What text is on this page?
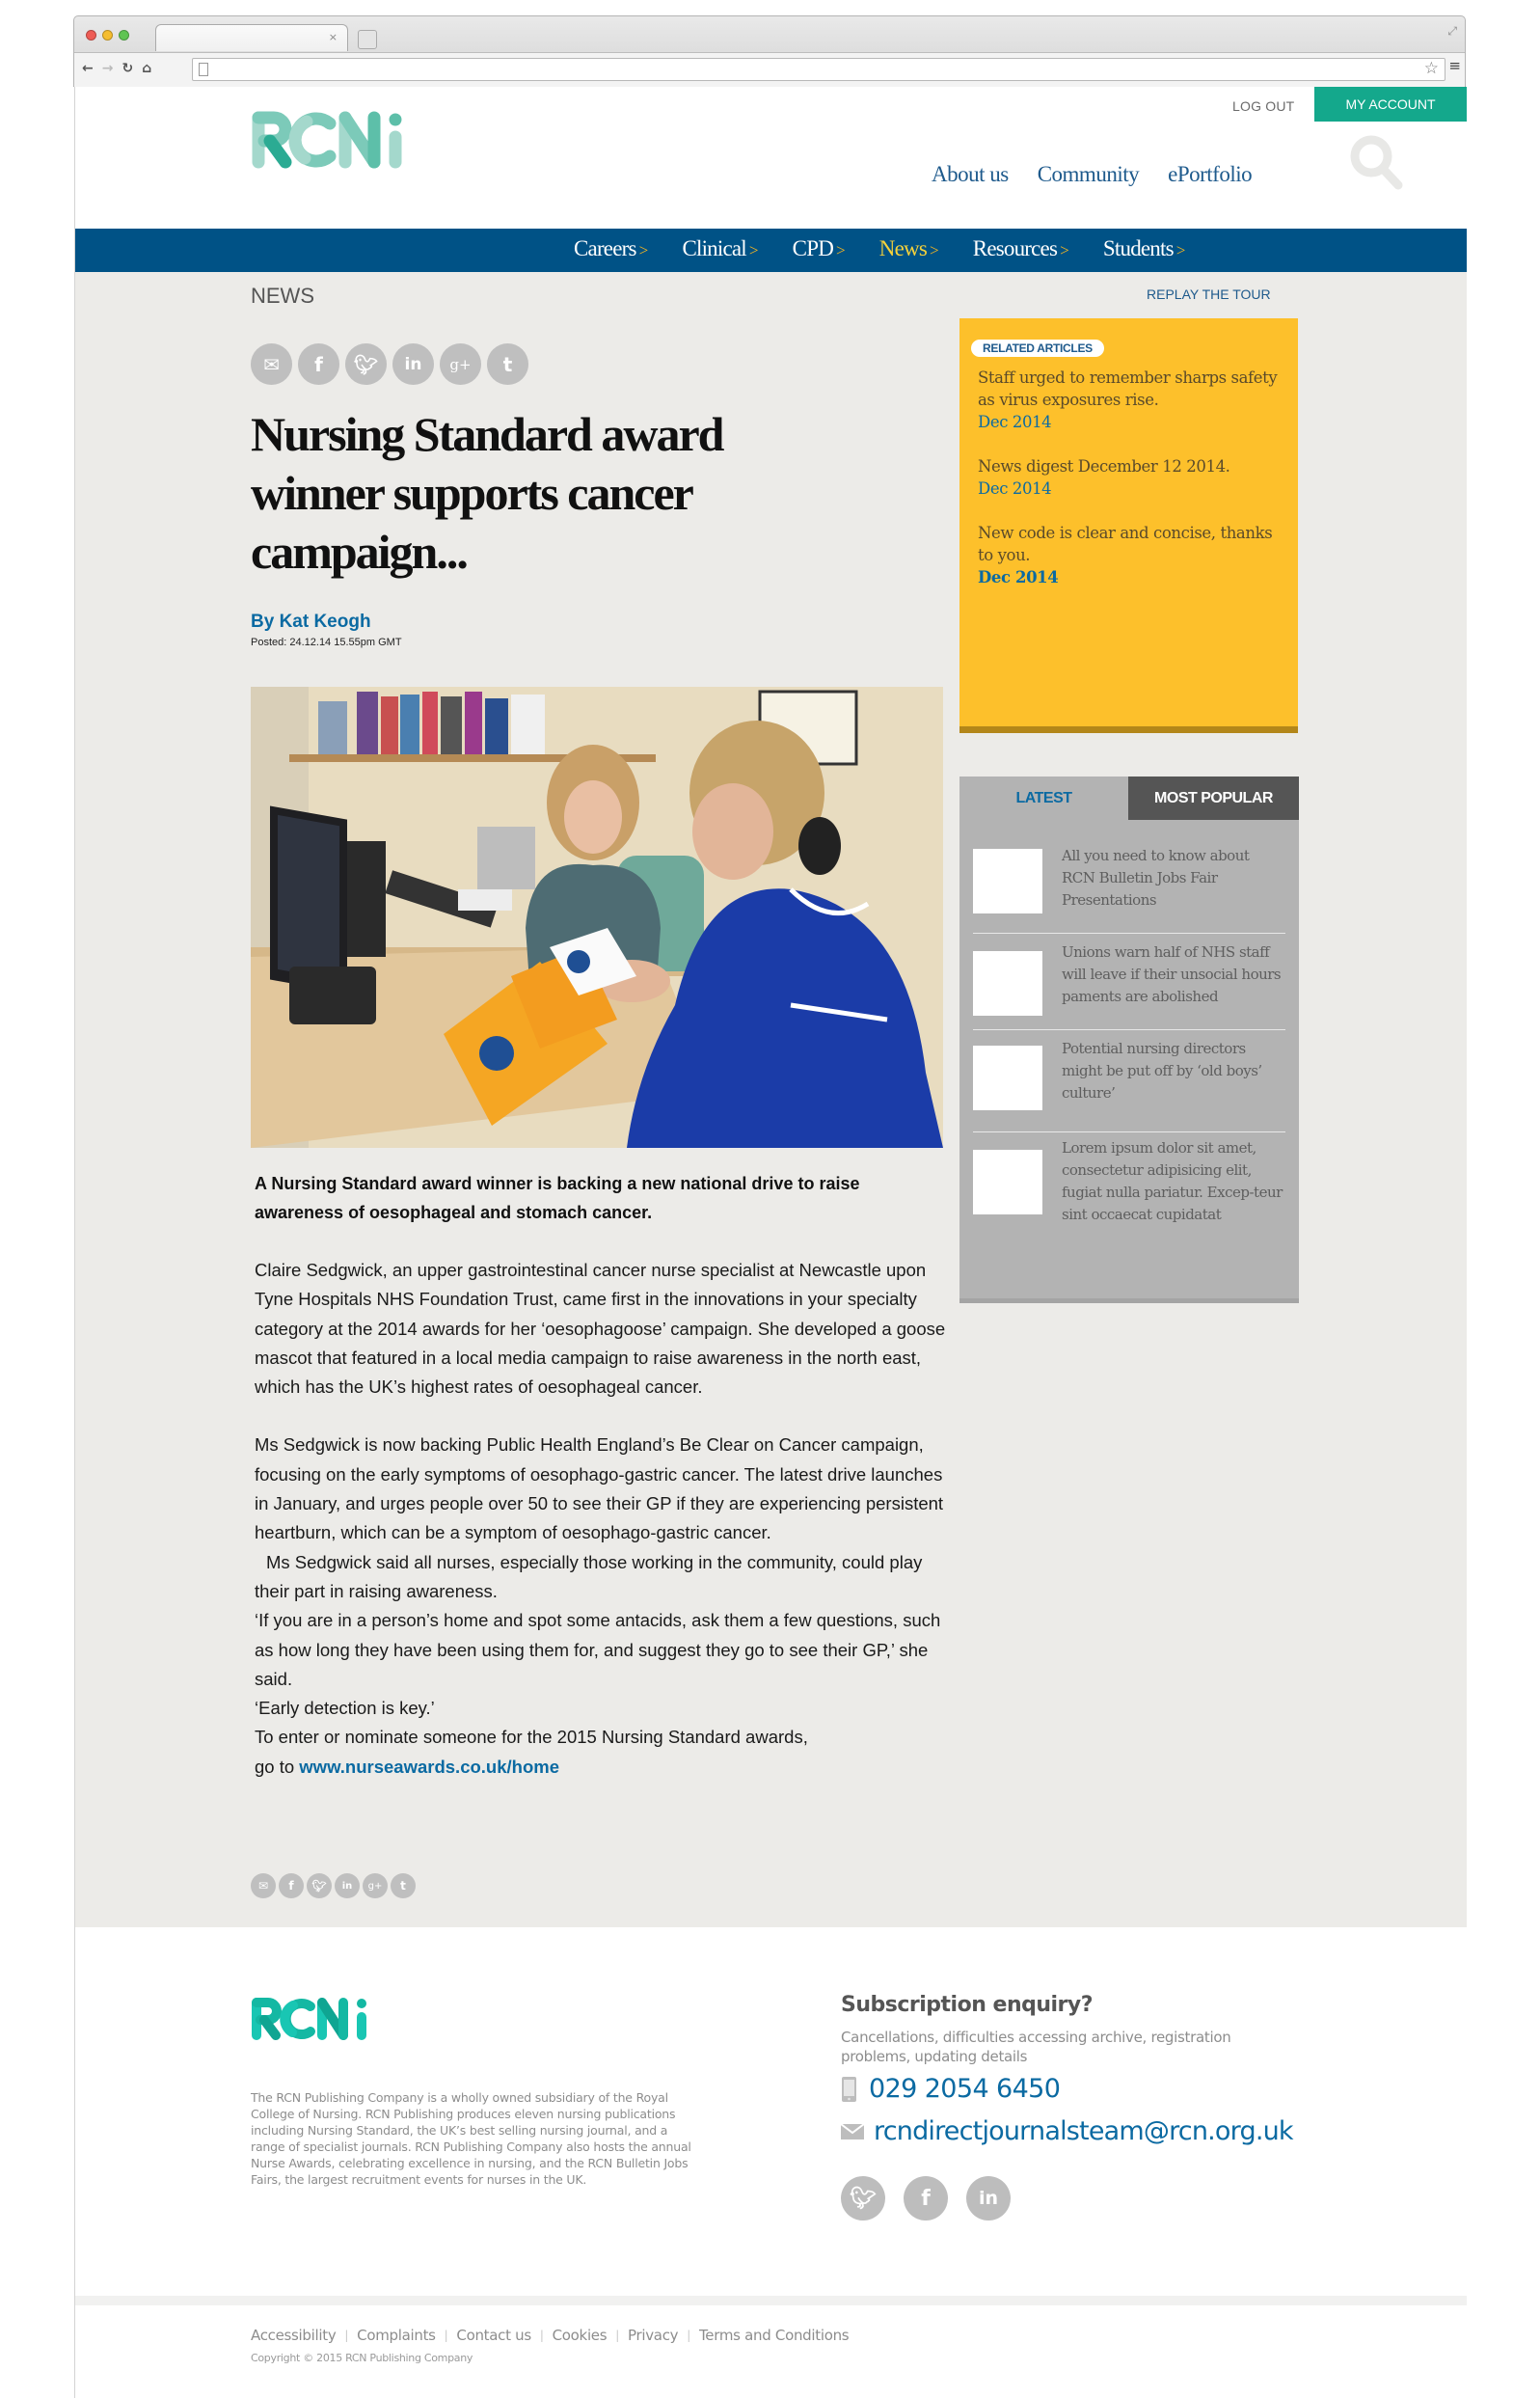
×	⤢
← → ↻ ⌂	☆ ≡
LOG OUT	MY ACCOUNT
About us Community ePortfolio
Careers > Clinical > CPD > News > Resources > Students >
NEWS	REPLAY THE TOUR
✉	f	🐦︎	in	g+	t
Nursing Standard award winner supports cancer campaign...
By Kat Keogh
Posted: 24.12.14 15.55pm GMT

A Nursing Standard award winner is backing a new national drive to raise awareness of oesophageal and stomach cancer.

Claire Sedgwick, an upper gastrointestinal cancer nurse specialist at Newcastle upon Tyne Hospitals NHS Foundation Trust, came first in the innovations in your specialty category at the 2014 awards for her ‘oesophagoose’ campaign. She developed a goose mascot that featured in a local media campaign to raise awareness in the north east, which has the UK’s highest rates of oesophageal cancer.

Ms Sedgwick is now backing Public Health England’s Be Clear on Cancer campaign, focusing on the early symptoms of oesophago-gastric cancer. The latest drive launches in January, and urges people over 50 to see their GP if they are experiencing persistent heartburn, which can be a symptom of oesophago-gastric cancer.

Ms Sedgwick said all nurses, especially those working in the community, could play their part in raising awareness.

‘If you are in a person’s home and spot some antacids, ask them a few questions, such as how long they have been using them for, and suggest they go to see their GP,’ she said.

‘Early detection is key.’

To enter or nominate someone for the 2015 Nursing Standard awards,

go to www.nurseawards.co.uk/home

✉	f	🐦︎	in	g+	t
RELATED ARTICLES
Staff urged to remember sharps safety as virus exposures rise.
Dec 2014
News digest December 12 2014.
Dec 2014
New code is clear and concise, thanks to you.
Dec 2014
LATEST	MOST POPULAR
All you need to know about RCN Bulletin Jobs Fair Presentations
Unions warn half of NHS staff will leave if their unsocial hours paments are abolished
Potential nursing directors might be put off by ‘old boys’ culture’
Lorem ipsum dolor sit amet, consectetur adipisicing elit, fugiat nulla pariatur. Excep-teur sint occaecat cupidatat

The RCN Publishing Company is a wholly owned subsidiary of the Royal College of Nursing. RCN Publishing produces eleven nursing publications including Nursing Standard, the UK’s best selling nursing journal, and a range of specialist journals. RCN Publishing Company also hosts the annual Nurse Awards, celebrating excellence in nursing, and the RCN Bulletin Jobs Fairs, the largest recruitment events for nurses in the UK.

Subscription enquiry?

Cancellations, difficulties accessing archive, registration problems, updating details

029 2054 6450
rcndirectjournalsteam@rcn.org.uk
🐦︎	f	in
Accessibility | Complaints | Contact us | Cookies | Privacy | Terms and Conditions
Copyright © 2015 RCN Publishing Company
